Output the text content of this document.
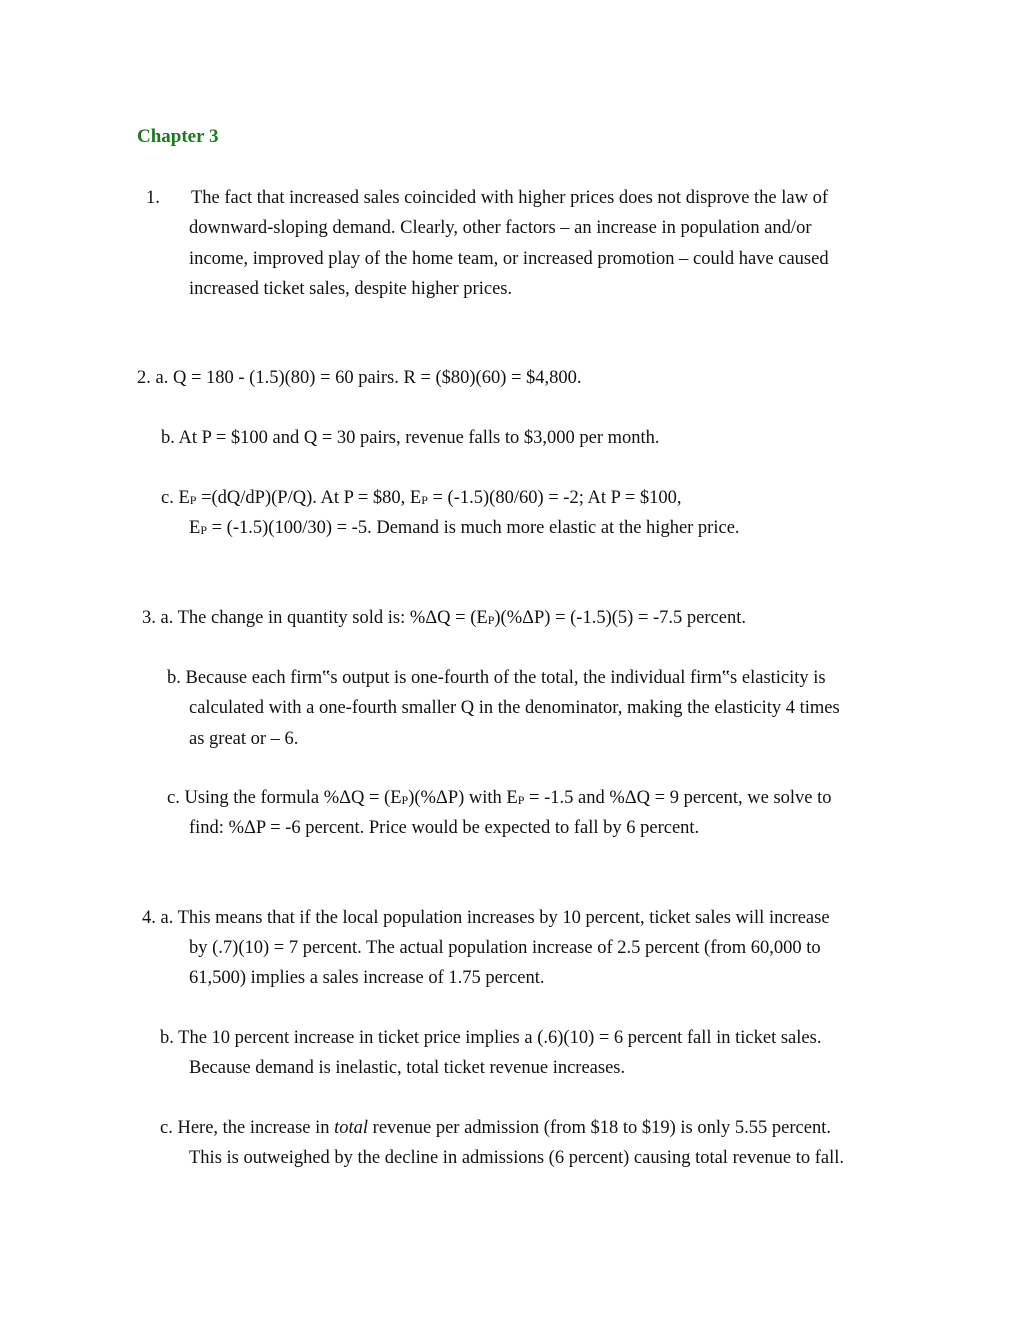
Chapter 3
1. The fact that increased sales coincided with higher prices does not disprove the law of
downward-sloping demand. Clearly, other factors – an increase in population and/or
income, improved play of the home team, or increased promotion – could have caused
increased ticket sales, despite higher prices.
2. a. Q = 180 - (1.5)(80) = 60 pairs. R = ($80)(60) = $4,800.
b. At P = $100 and Q = 30 pairs, revenue falls to $3,000 per month.
c. EP =(dQ/dP)(P/Q). At P = $80, EP = (-1.5)(80/60) = -2; At P = $100,
EP = (-1.5)(100/30) = -5. Demand is much more elastic at the higher price.
3. a. The change in quantity sold is: %ΔQ = (EP)(%ΔP) = (-1.5)(5) = -7.5 percent.
b. Because each firm‟s output is one-fourth of the total, the individual firm‟s elasticity is
calculated with a one-fourth smaller Q in the denominator, making the elasticity 4 times
as great or – 6.
c. Using the formula %ΔQ = (EP)(%ΔP) with EP = -1.5 and %ΔQ = 9 percent, we solve to
find: %ΔP = -6 percent. Price would be expected to fall by 6 percent.
4. a. This means that if the local population increases by 10 percent, ticket sales will increase
by (.7)(10) = 7 percent. The actual population increase of 2.5 percent (from 60,000 to
61,500) implies a sales increase of 1.75 percent.
b. The 10 percent increase in ticket price implies a (.6)(10) = 6 percent fall in ticket sales.
Because demand is inelastic, total ticket revenue increases.
c. Here, the increase in total revenue per admission (from $18 to $19) is only 5.55 percent.
This is outweighed by the decline in admissions (6 percent) causing total revenue to fall.
